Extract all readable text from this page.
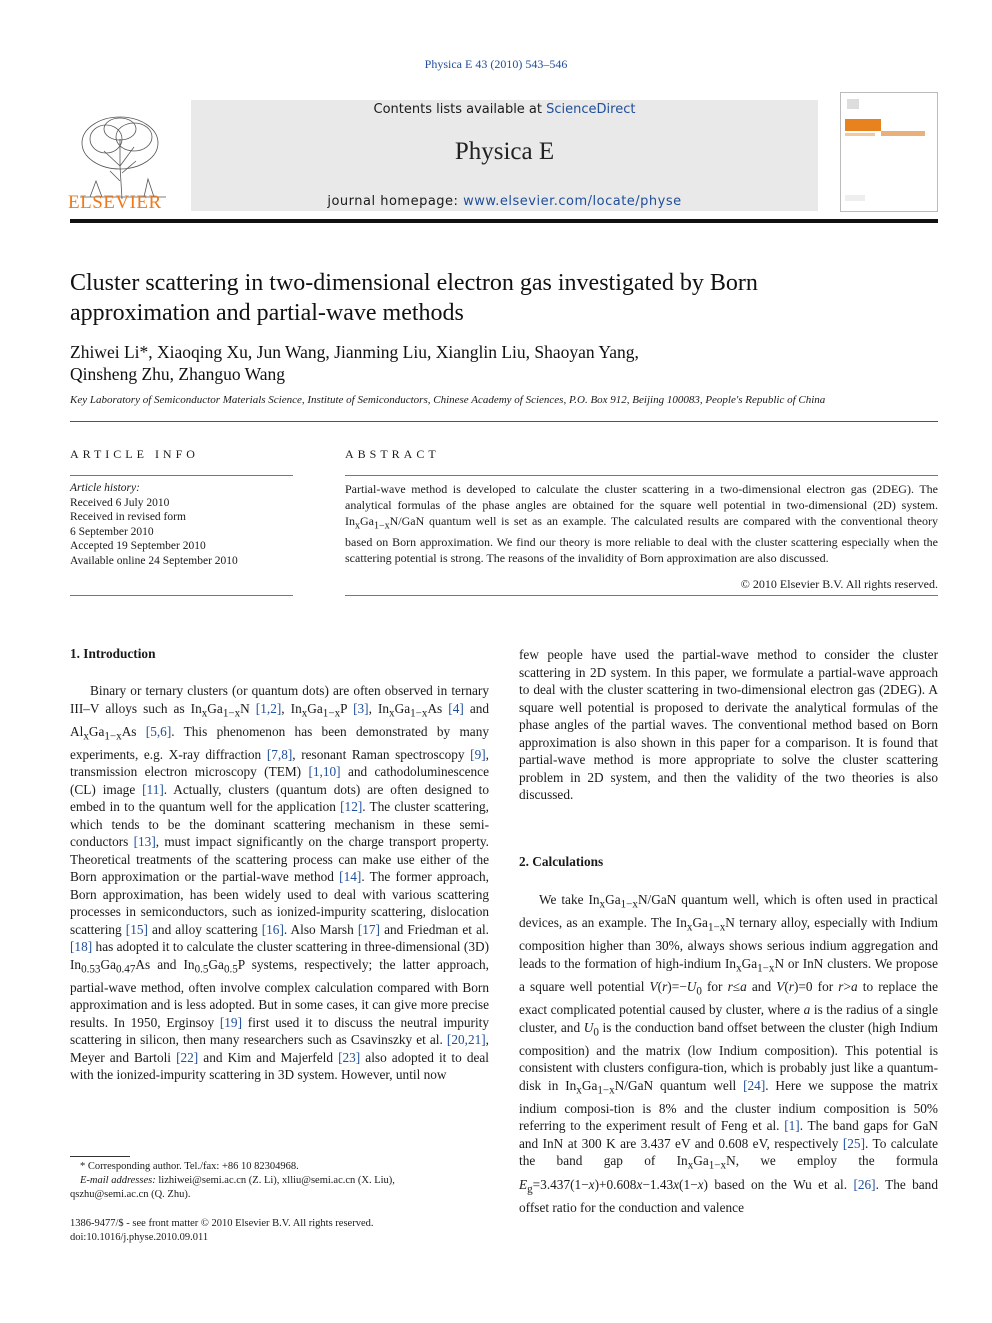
Physica E 43 (2010) 543–546
Contents lists available at ScienceDirect
Physica E
journal homepage: www.elsevier.com/locate/physe
ELSEVIER
Cluster scattering in two-dimensional electron gas investigated by Born
approximation and partial-wave methods
Zhiwei Li*, Xiaoqing Xu, Jun Wang, Jianming Liu, Xianglin Liu, Shaoyan Yang,
Qinsheng Zhu, Zhanguo Wang
Key Laboratory of Semiconductor Materials Science, Institute of Semiconductors, Chinese Academy of Sciences, P.O. Box 912, Beijing 100083, People's Republic of China
ARTICLE INFO	ABSTRACT
Article history:
Received 6 July 2010
Received in revised form
6 September 2010
Accepted 19 September 2010
Available online 24 September 2010
Partial-wave method is developed to calculate the cluster scattering in a two-dimensional electron gas (2DEG). The analytical formulas of the phase angles are obtained for the square well potential in two-dimensional (2D) system. $In_xGa_{1-x}N$/GaN quantum well is set as an example. The calculated results are compared with the conventional theory based on Born approximation. We find our theory is more reliable to deal with the cluster scattering especially when the scattering potential is strong. The reasons of the invalidity of Born approximation are also discussed.
© 2010 Elsevier B.V. All rights reserved.
1. Introduction

Binary or ternary clusters (or quantum dots) are often observed in ternary III–V alloys such as $In_xGa_{1-x}N$ [1,2], $In_xGa_{1-x}P$ [3], $In_xGa_{1-x}As$ [4] and $Al_xGa_{1-x}As$ [5,6]. This phenomenon has been demonstrated by many experiments, e.g. X-ray diffraction [7,8], resonant Raman spectroscopy [9], transmission electron microscopy (TEM) [1,10] and cathodoluminescence (CL) image [11]. Actually, clusters (quantum dots) are often designed to embed in to the quantum well for the application [12]. The cluster scattering, which tends to be the dominant scattering mechanism in these semi-conductors [13], must impact significantly on the charge transport property. Theoretical treatments of the scattering process can make use either of the Born approximation or the partial-wave method [14]. The former approach, Born approximation, has been widely used to deal with various scattering processes in semiconductors, such as ionized-impurity scattering, dislocation scattering [15] and alloy scattering [16]. Also Marsh [17] and Friedman et al. [18] has adopted it to calculate the cluster scattering in three-dimensional (3D) $In_{0.53}Ga_{0.47}As$ and $In_{0.5}Ga_{0.5}P$ systems, respectively; the latter approach, partial-wave method, often involve complex calculation compared with Born approximation and is less adopted. But in some cases, it can give more precise results. In 1950, Erginsoy [19] first used it to discuss the neutral impurity scattering in silicon, then many researchers such as Csavinszky et al. [20,21], Meyer and Bartoli [22] and Kim and Majerfeld [23] also adopted it to deal with the ionized-impurity scattering in 3D system. However, until now

few people have used the partial-wave method to consider the cluster scattering in 2D system. In this paper, we formulate a partial-wave approach to deal with the cluster scattering in two-dimensional electron gas (2DEG). A square well potential is proposed to derivate the analytical formulas of the phase angles of the partial waves. The conventional method based on Born approximation is also shown in this paper for a comparison. It is found that partial-wave method is more appropriate to solve the cluster scattering problem in 2D system, and then the validity of the two theories is also discussed.

2. Calculations

We take $In_xGa_{1-x}N$/GaN quantum well, which is often used in practical devices, as an example. The $In_xGa_{1-x}N$ ternary alloy, especially with Indium composition higher than 30%, always shows serious indium aggregation and leads to the formation of high-indium $In_xGa_{1-x}N$ or InN clusters. We propose a square well potential $V(r)=-U_0$ for r≤a and V(r)=0 for r>a to replace the exact complicated potential caused by cluster, where a is the radius of a single cluster, and $U_0$ is the conduction band offset between the cluster (high Indium composition) and the matrix (low Indium composition). This potential is consistent with clusters configura-tion, which is probably just like a quantum-disk in $In_xGa_{1-x}N$/GaN quantum well [24]. Here we suppose the matrix indium composi-tion is 8% and the cluster indium composition is 50% referring to the experiment result of Feng et al. [1]. The band gaps for GaN and InN at 300 K are 3.437 eV and 0.608 eV, respectively [25]. To calculate the band gap of $In_xGa_{1-x}N$, we employ the formula $E_g=3.437(1-x)+0.608x-1.43x(1-x)$ based on the Wu et al. [26]. The band offset ratio for the conduction and valence

* Corresponding author. Tel./fax: +86 10 82304968.
E-mail addresses: lizhiwei@semi.ac.cn (Z. Li), xlliu@semi.ac.cn (X. Liu),
qszhu@semi.ac.cn (Q. Zhu).
1386-9477/$ - see front matter © 2010 Elsevier B.V. All rights reserved.
doi:10.1016/j.physe.2010.09.011
